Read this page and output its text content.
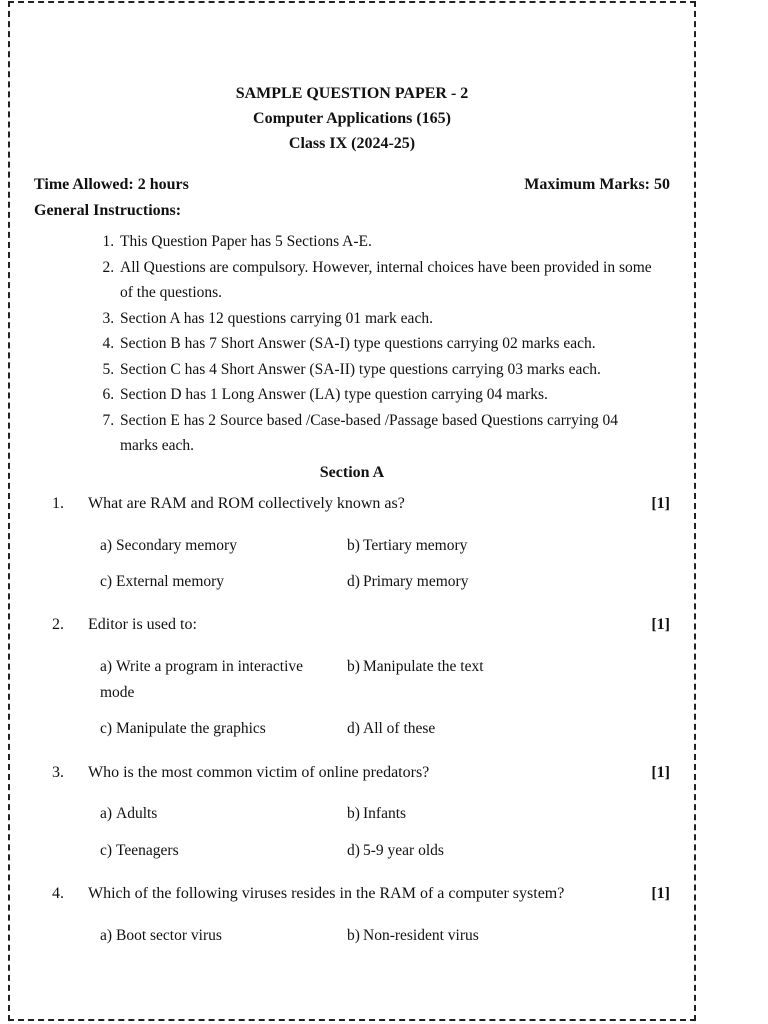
SAMPLE QUESTION PAPER - 2
Computer Applications (165)
Class IX (2024-25)
Time Allowed: 2 hours	Maximum Marks: 50
General Instructions:
1. This Question Paper has 5 Sections A-E.
2. All Questions are compulsory. However, internal choices have been provided in some of the questions.
3. Section A has 12 questions carrying 01 mark each.
4. Section B has 7 Short Answer (SA-I) type questions carrying 02 marks each.
5. Section C has 4 Short Answer (SA-II) type questions carrying 03 marks each.
6. Section D has 1 Long Answer (LA) type question carrying 04 marks.
7. Section E has 2 Source based /Case-based /Passage based Questions carrying 04 marks each.
Section A
1. What are RAM and ROM collectively known as?	[1]
a) Secondary memory	b) Tertiary memory
c) External memory	d) Primary memory
2. Editor is used to:	[1]
a) Write a program in interactive mode
b) Manipulate the text
c) Manipulate the graphics	d) All of these
3. Who is the most common victim of online predators?	[1]
a) Adults	b) Infants
c) Teenagers	d) 5-9 year olds
4. Which of the following viruses resides in the RAM of a computer system?	[1]
a) Boot sector virus	b) Non-resident virus
